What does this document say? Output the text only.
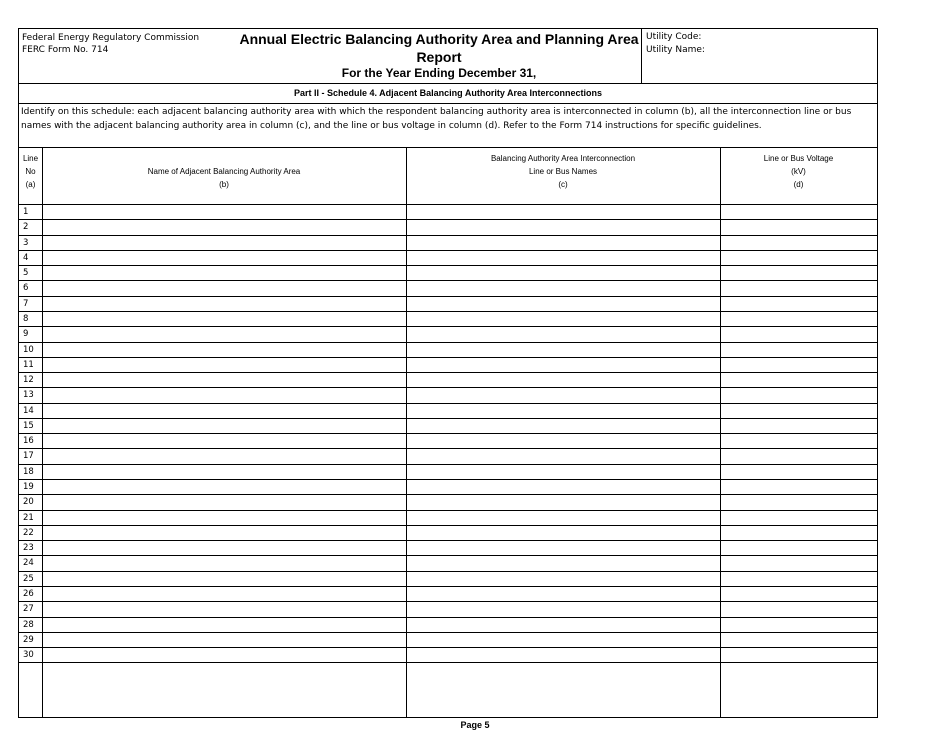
Federal Energy Regulatory Commission
FERC Form No. 714
Annual Electric Balancing Authority Area and Planning Area Report
For the Year Ending December 31,
Utility Code:
Utility Name:
Part II - Schedule 4. Adjacent Balancing Authority Area Interconnections
Identify on this schedule: each adjacent balancing authority area with which the respondent balancing authority area is interconnected in column (b), all the interconnection line or bus names with the adjacent balancing authority area in column (c), and the line or bus voltage in column (d). Refer to the Form 714 instructions for specific guidelines.
Line
No
(a)
Name of Adjacent Balancing Authority Area
(b)
Balancing Authority Area Interconnection
Line or Bus Names
(c)
Line or Bus Voltage
(kV)
(d)
1
2
3
4
5
6
7
8
9
10
11
12
13
14
15
16
17
18
19
20
21
22
23
24
25
26
27
28
29
30
Page 5
